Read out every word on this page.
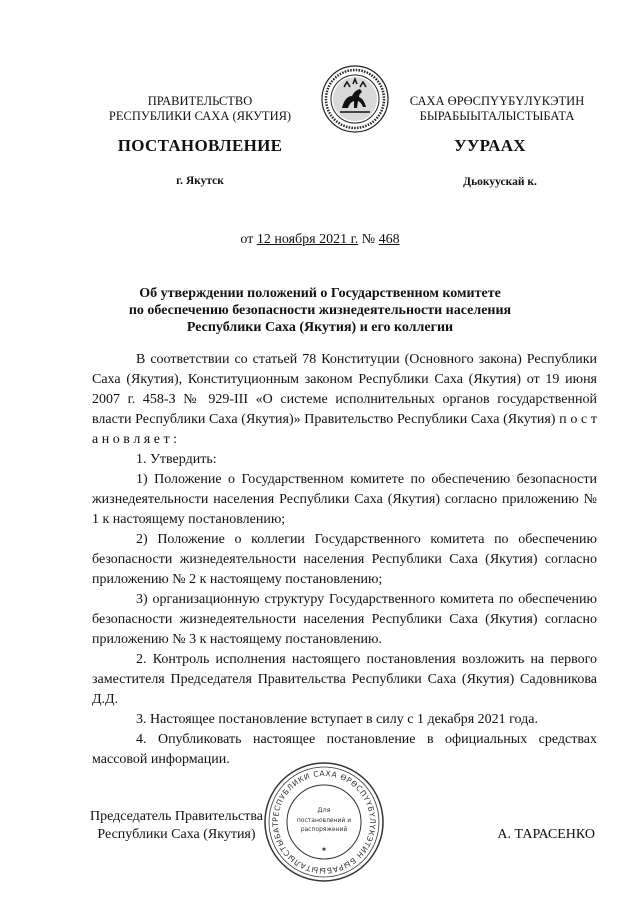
ПРАВИТЕЛЬСТВО
РЕСПУБЛИКИ САХА (ЯКУТИЯ)
САХА ӨРӨСПҮҮБҮЛҮКЭТИН
БЫРАБЫЫТАЛЫСТЫБАТА
ПОСТАНОВЛЕНИЕ	УУРААХ
г. Якутск	Дьокуускай к.
от 12 ноября 2021 г. № 468
Об утверждении положений о Государственном комитете
по обеспечению безопасности жизнедеятельности населения
Республики Саха (Якутия) и его коллегии
В соответствии со статьей 78 Конституции (Основного закона) Республики Саха (Якутия), Конституционным законом Республики Саха (Якутия) от 19 июня 2007 г. 458-З № 929-III «О системе исполнительных органов государственной власти Республики Саха (Якутия)» Правительство Республики Саха (Якутия) п о с т а н о в л я е т :
1. Утвердить:
1) Положение о Государственном комитете по обеспечению безопасности жизнедеятельности населения Республики Саха (Якутия) согласно приложению № 1 к настоящему постановлению;
2) Положение о коллегии Государственного комитета по обеспечению безопасности жизнедеятельности населения Республики Саха (Якутия) согласно приложению № 2 к настоящему постановлению;
3) организационную структуру Государственного комитета по обеспечению безопасности жизнедеятельности населения Республики Саха (Якутия) согласно приложению № 3 к настоящему постановлению.
2. Контроль исполнения настоящего постановления возложить на первого заместителя Председателя Правительства Республики Саха (Якутия) Садовникова Д.Д.
3. Настоящее постановление вступает в силу с 1 декабря 2021 года.
4. Опубликовать настоящее постановление в официальных средствах массовой информации.
Председатель Правительства
Республики Саха (Якутия)	А. ТАРАСЕНКО
РЕСПУБЛИКИ САХА ӨРӨСПҮҮБҮЛҮКЭТИН БЫРАБЫЫТАЛЫСТЫБАТ
Для
постановлений и
распоряжений
✶
